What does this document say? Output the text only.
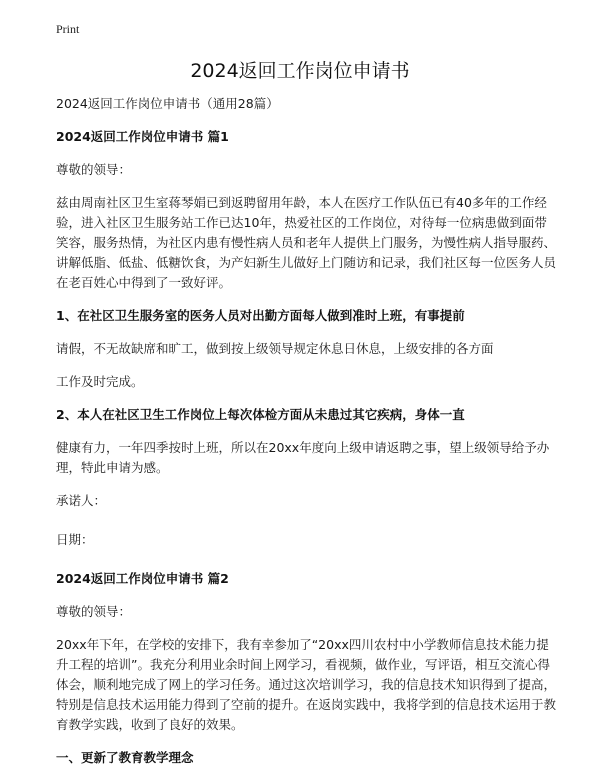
Print
2024返回工作岗位申请书

2024返回工作岗位申请书（通用28篇）

2024返回工作岗位申请书 篇1

尊敬的领导：

兹由周南社区卫生室蒋琴娟已到返聘留用年龄，本人在医疗工作队伍已有40多年的工作经验，进入社区卫生服务站工作已达10年，热爱社区的工作岗位，对待每一位病患做到面带笑容，服务热情，为社区内患有慢性病人员和老年人提供上门服务，为慢性病人指导服药、讲解低脂、低盐、低糖饮食，为产妇新生儿做好上门随访和记录，我们社区每一位医务人员在老百姓心中得到了一致好评。

1、在社区卫生服务室的医务人员对出勤方面每人做到准时上班，有事提前

请假，不无故缺席和旷工，做到按上级领导规定休息日休息，上级安排的各方面

工作及时完成。

2、本人在社区卫生工作岗位上每次体检方面从未患过其它疾病，身体一直

健康有力，一年四季按时上班，所以在20xx年度向上级申请返聘之事，望上级领导给予办理，特此申请为感。

承诺人：

日期：

2024返回工作岗位申请书 篇2

尊敬的领导：

20xx年下年，在学校的安排下，我有幸参加了“20xx四川农村中小学教师信息技术能力提升工程的培训”。我充分利用业余时间上网学习，看视频，做作业，写评语，相互交流心得体会，顺利地完成了网上的学习任务。通过这次培训学习，我的信息技术知识得到了提高，特别是信息技术运用能力得到了空前的提升。在返岗实践中，我将学到的信息技术运用于教育教学实践，收到了良好的效果。

一、更新了教育教学理念
